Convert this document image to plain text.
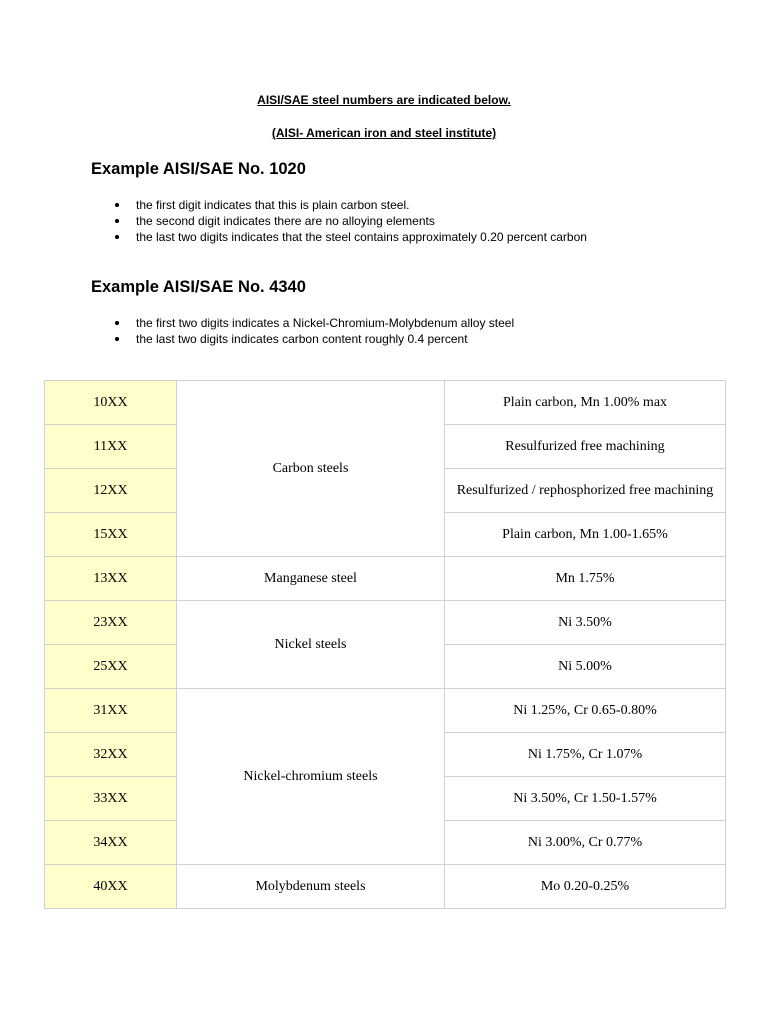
AISI/SAE steel numbers are indicated below.
(AISI- American iron and steel institute)
Example AISI/SAE No. 1020
the first digit indicates that this is plain carbon steel.
the second digit indicates there are no alloying elements
the last two digits indicates that the steel contains approximately 0.20 percent carbon
Example AISI/SAE No. 4340
the first two digits indicates a Nickel-Chromium-Molybdenum alloy steel
the last two digits indicates carbon content roughly 0.4 percent
10XX	Carbon steels	Plain carbon, Mn 1.00% max
11XX		Resulfurized free machining
12XX		Resulfurized / rephosphorized free machining
15XX		Plain carbon, Mn 1.00-1.65%
13XX	Manganese steel	Mn 1.75%
23XX	Nickel steels	Ni 3.50%
25XX		Ni 5.00%
31XX	Nickel-chromium steels	Ni 1.25%, Cr 0.65-0.80%
32XX		Ni 1.75%, Cr 1.07%
33XX		Ni 3.50%, Cr 1.50-1.57%
34XX		Ni 3.00%, Cr 0.77%
40XX	Molybdenum steels	Mo 0.20-0.25%
